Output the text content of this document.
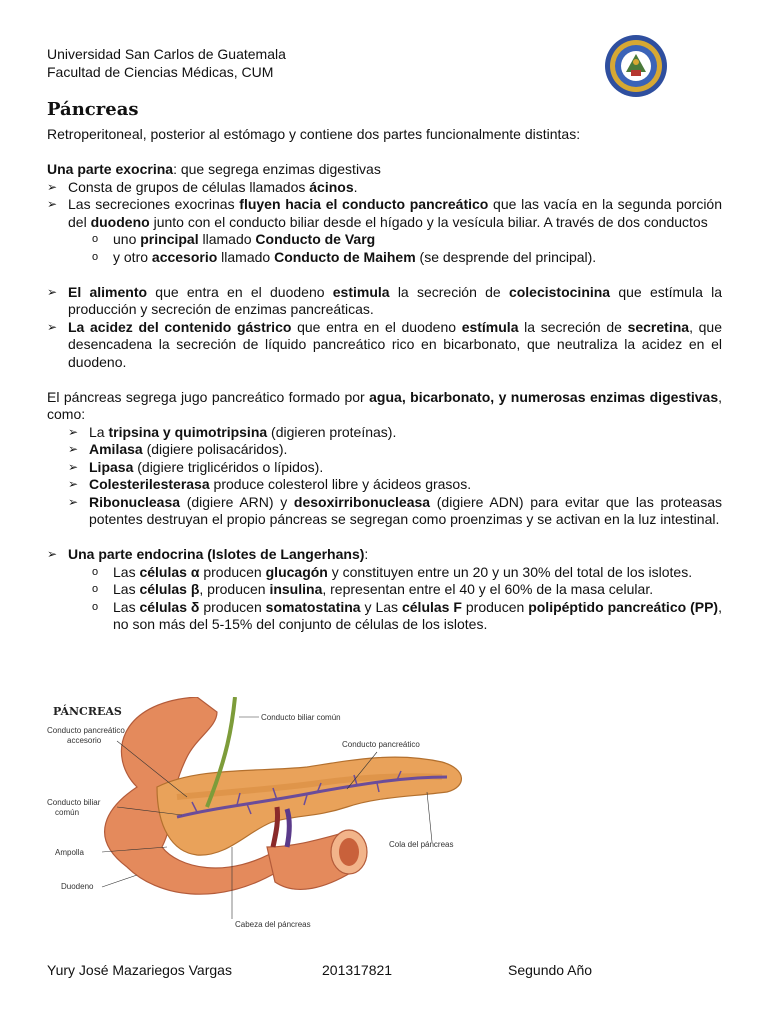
Universidad San Carlos de Guatemala
Facultad de Ciencias Médicas, CUM
Páncreas

Retroperitoneal, posterior al estómago y contiene dos partes funcionalmente distintas:

Una parte exocrina: que segrega enzimas digestivas

➢ Consta de grupos de células llamados ácinos.
➢ Las secreciones exocrinas fluyen hacia el conducto pancreático que las vacía en la segunda porción del duodeno junto con el conducto biliar desde el hígado y la vesícula biliar. A través de dos conductos
o uno principal llamado Conducto de Varg
o y otro accesorio llamado Conducto de Maihem (se desprende del principal).
➢ El alimento que entra en el duodeno estimula la secreción de colecistocinina que estímula la producción y secreción de enzimas pancreáticas.
➢ La acidez del contenido gástrico que entra en el duodeno estímula la secreción de secretina, que desencadena la secreción de líquido pancreático rico en bicarbonato, que neutraliza la acidez en el duodeno.

El páncreas segrega jugo pancreático formado por agua, bicarbonato, y numerosas enzimas digestivas, como:

➢ La tripsina y quimotripsina (digieren proteínas).
➢ Amilasa (digiere polisacáridos).
➢ Lipasa (digiere triglicéridos o lípidos).
➢ Colesterilesterasa produce colesterol libre y ácideos grasos.
➢ Ribonucleasa (digiere ARN) y desoxirribonucleasa (digiere ADN) para evitar que las proteasas potentes destruyan el propio páncreas se segregan como proenzimas y se activan en la luz intestinal.
➢ Una parte endocrina (Islotes de Langerhans):
o Las células α producen glucagón y constituyen entre un 20 y un 30% del total de los islotes.
o Las células β, producen insulina, representan entre el 40 y el 60% de la masa celular.
o Las células δ producen somatostatina y Las células F producen polipéptido pancreático (PP), no son más del 5-15% del conjunto de células de los islotes.
PÁNCREAS	Conducto biliar común
Conducto pancreático
accesorio	Conducto pancreático
Conducto biliar
común
Ampolla
Duodeno
Cola del páncreas
Cabeza del páncreas
Yury José Mazariegos Vargas	201317821	Segundo Año
